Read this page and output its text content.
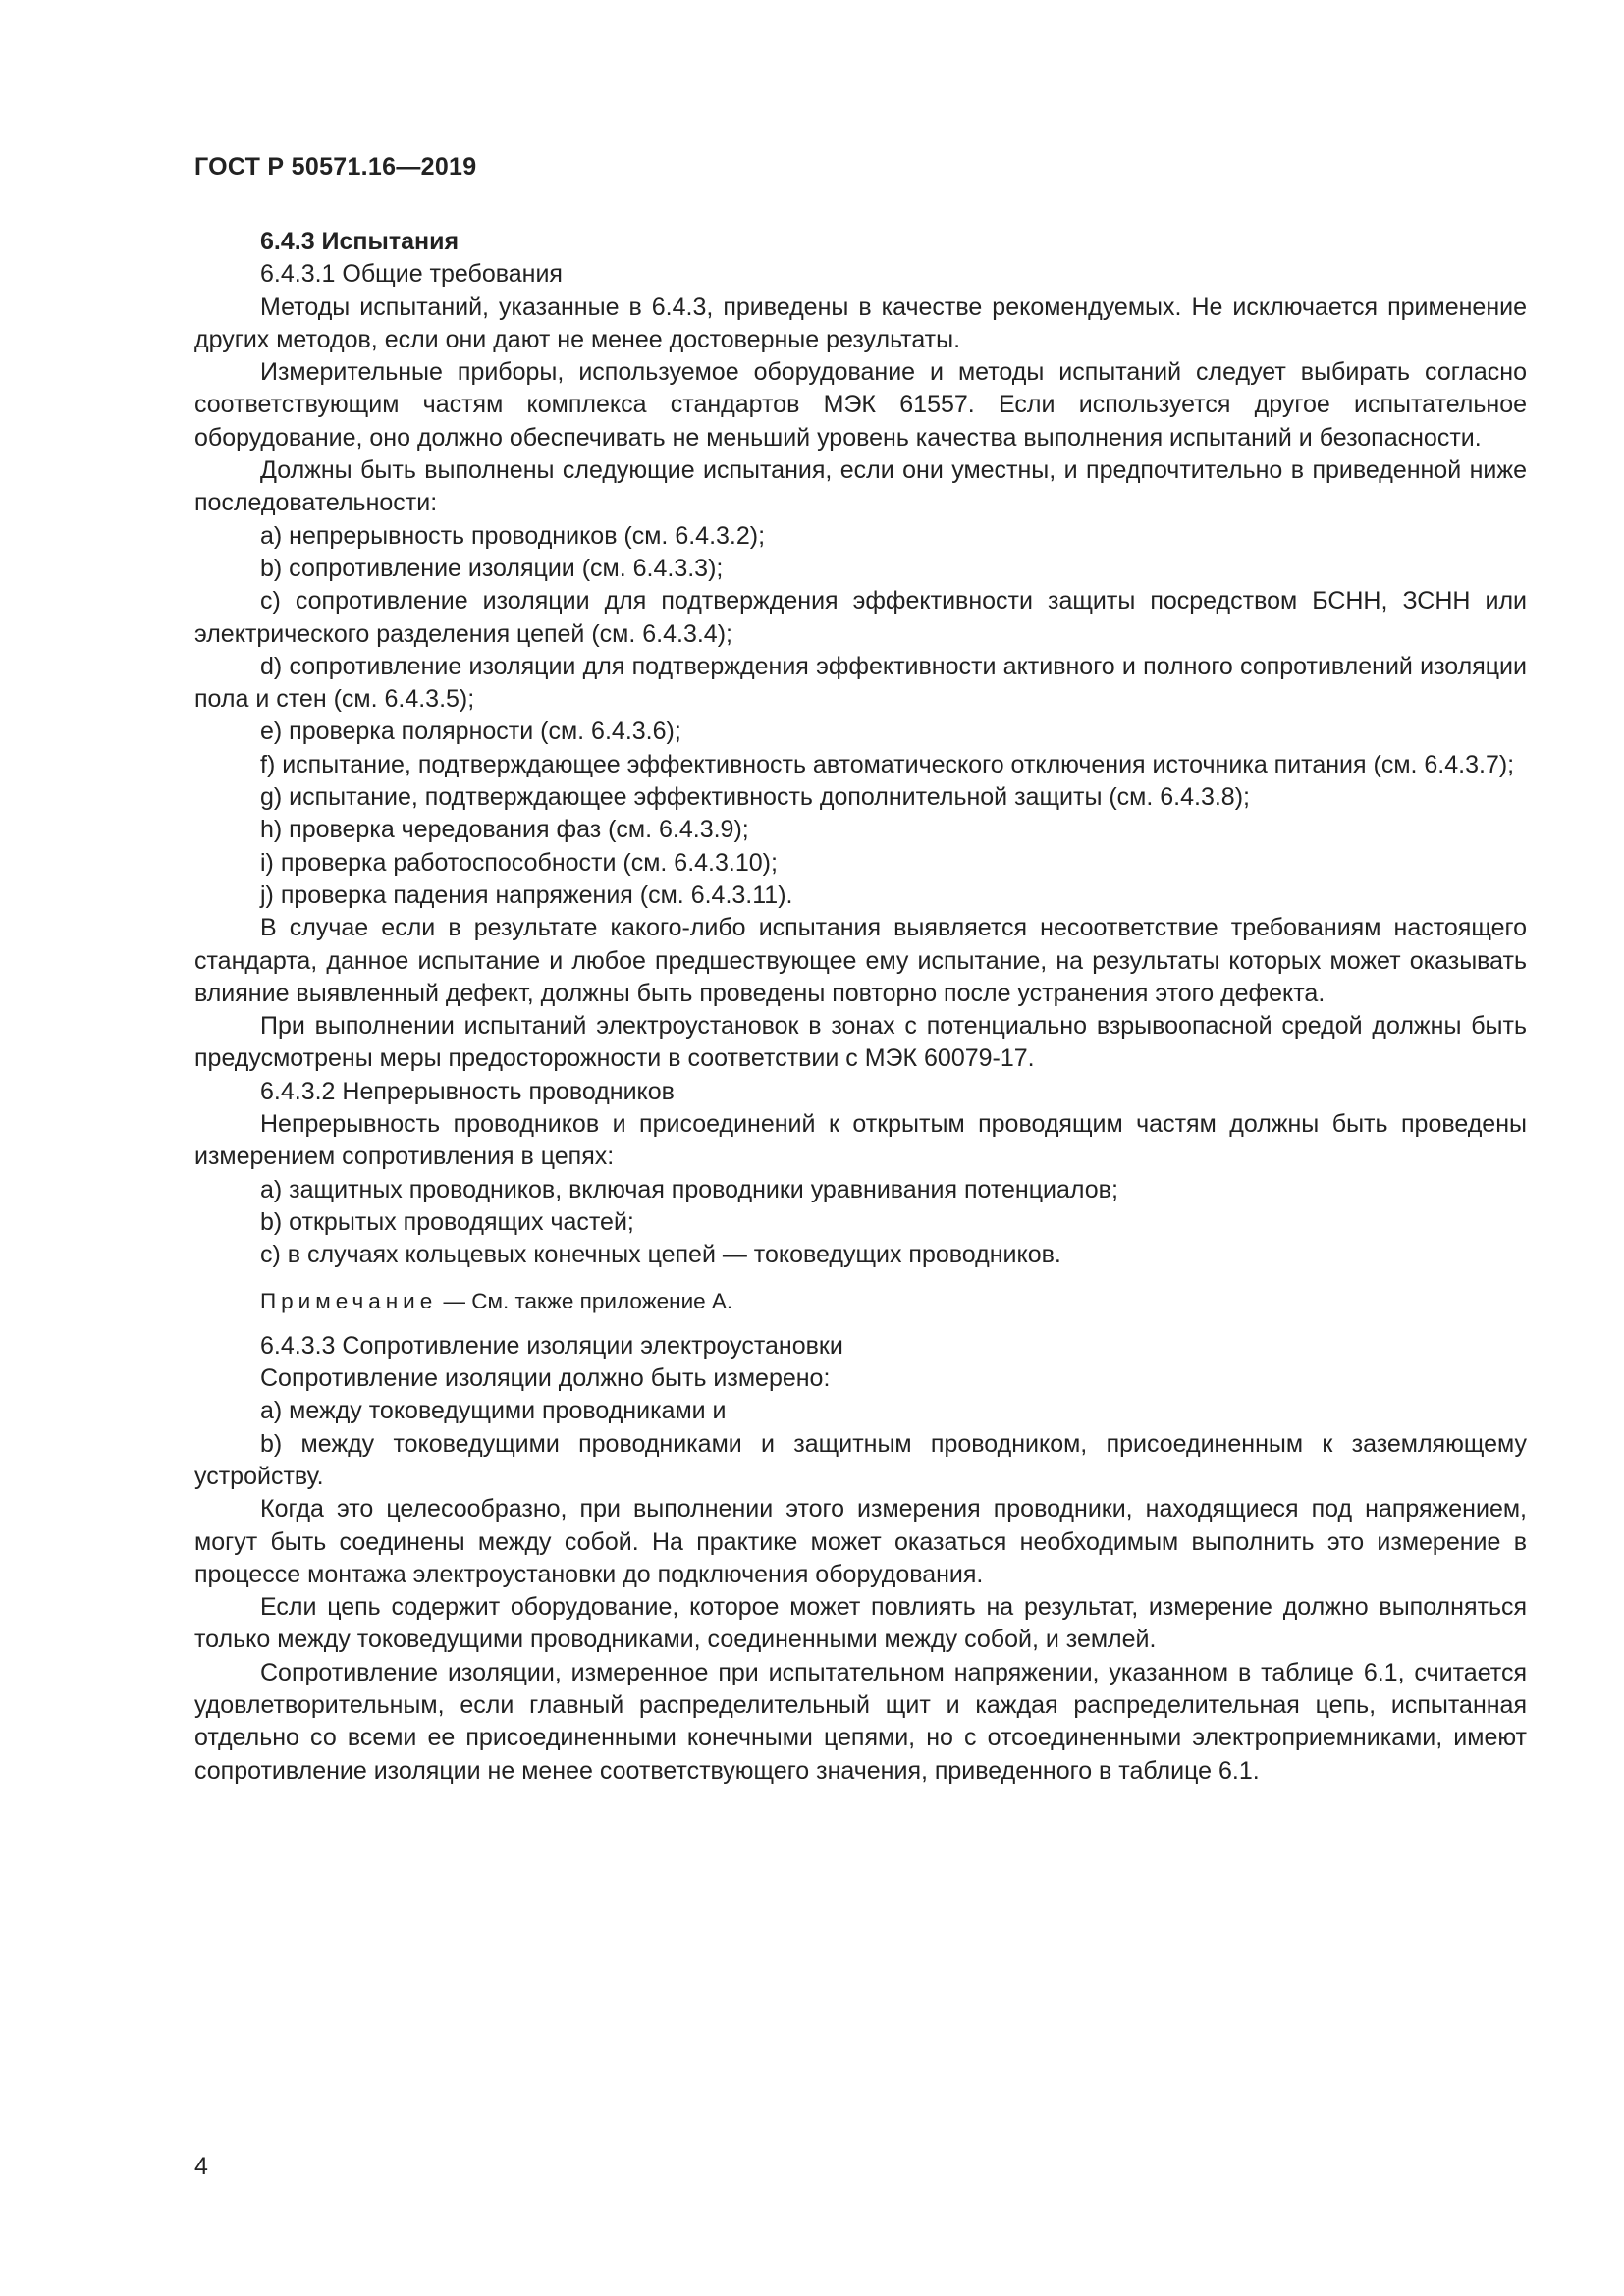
ГОСТ Р 50571.16—2019

6.4.3 Испытания

6.4.3.1 Общие требования

Методы испытаний, указанные в 6.4.3, приведены в качестве рекомендуемых. Не исключается применение других методов, если они дают не менее достоверные результаты.

Измерительные приборы, используемое оборудование и методы испытаний следует выбирать согласно соответствующим частям комплекса стандартов МЭК 61557. Если используется другое испытательное оборудование, оно должно обеспечивать не меньший уровень качества выполнения испытаний и безопасности.

Должны быть выполнены следующие испытания, если они уместны, и предпочтительно в приведенной ниже последовательности:

a) непрерывность проводников (см. 6.4.3.2);

b) сопротивление изоляции (см. 6.4.3.3);

c) сопротивление изоляции для подтверждения эффективности защиты посредством БСНН, ЗСНН или электрического разделения цепей (см. 6.4.3.4);

d) сопротивление изоляции для подтверждения эффективности активного и полного сопротивлений изоляции пола и стен (см. 6.4.3.5);

e) проверка полярности (см. 6.4.3.6);

f) испытание, подтверждающее эффективность автоматического отключения источника питания (см. 6.4.3.7);

g) испытание, подтверждающее эффективность дополнительной защиты (см. 6.4.3.8);

h) проверка чередования фаз (см. 6.4.3.9);

i) проверка работоспособности (см. 6.4.3.10);

j) проверка падения напряжения (см. 6.4.3.11).

В случае если в результате какого-либо испытания выявляется несоответствие требованиям настоящего стандарта, данное испытание и любое предшествующее ему испытание, на результаты которых может оказывать влияние выявленный дефект, должны быть проведены повторно после устранения этого дефекта.

При выполнении испытаний электроустановок в зонах с потенциально взрывоопасной средой должны быть предусмотрены меры предосторожности в соответствии с МЭК 60079-17.

6.4.3.2 Непрерывность проводников

Непрерывность проводников и присоединений к открытым проводящим частям должны быть проведены измерением сопротивления в цепях:

a) защитных проводников, включая проводники уравнивания потенциалов;

b) открытых проводящих частей;

c) в случаях кольцевых конечных цепей — токоведущих проводников.

Примечание — См. также приложение А.

6.4.3.3 Сопротивление изоляции электроустановки

Сопротивление изоляции должно быть измерено:

a) между токоведущими проводниками и

b) между токоведущими проводниками и защитным проводником, присоединенным к заземляющему устройству.

Когда это целесообразно, при выполнении этого измерения проводники, находящиеся под напряжением, могут быть соединены между собой. На практике может оказаться необходимым выполнить это измерение в процессе монтажа электроустановки до подключения оборудования.

Если цепь содержит оборудование, которое может повлиять на результат, измерение должно выполняться только между токоведущими проводниками, соединенными между собой, и землей.

Сопротивление изоляции, измеренное при испытательном напряжении, указанном в таблице 6.1, считается удовлетворительным, если главный распределительный щит и каждая распределительная цепь, испытанная отдельно со всеми ее присоединенными конечными цепями, но с отсоединенными электроприемниками, имеют сопротивление изоляции не менее соответствующего значения, приведенного в таблице 6.1.

4
